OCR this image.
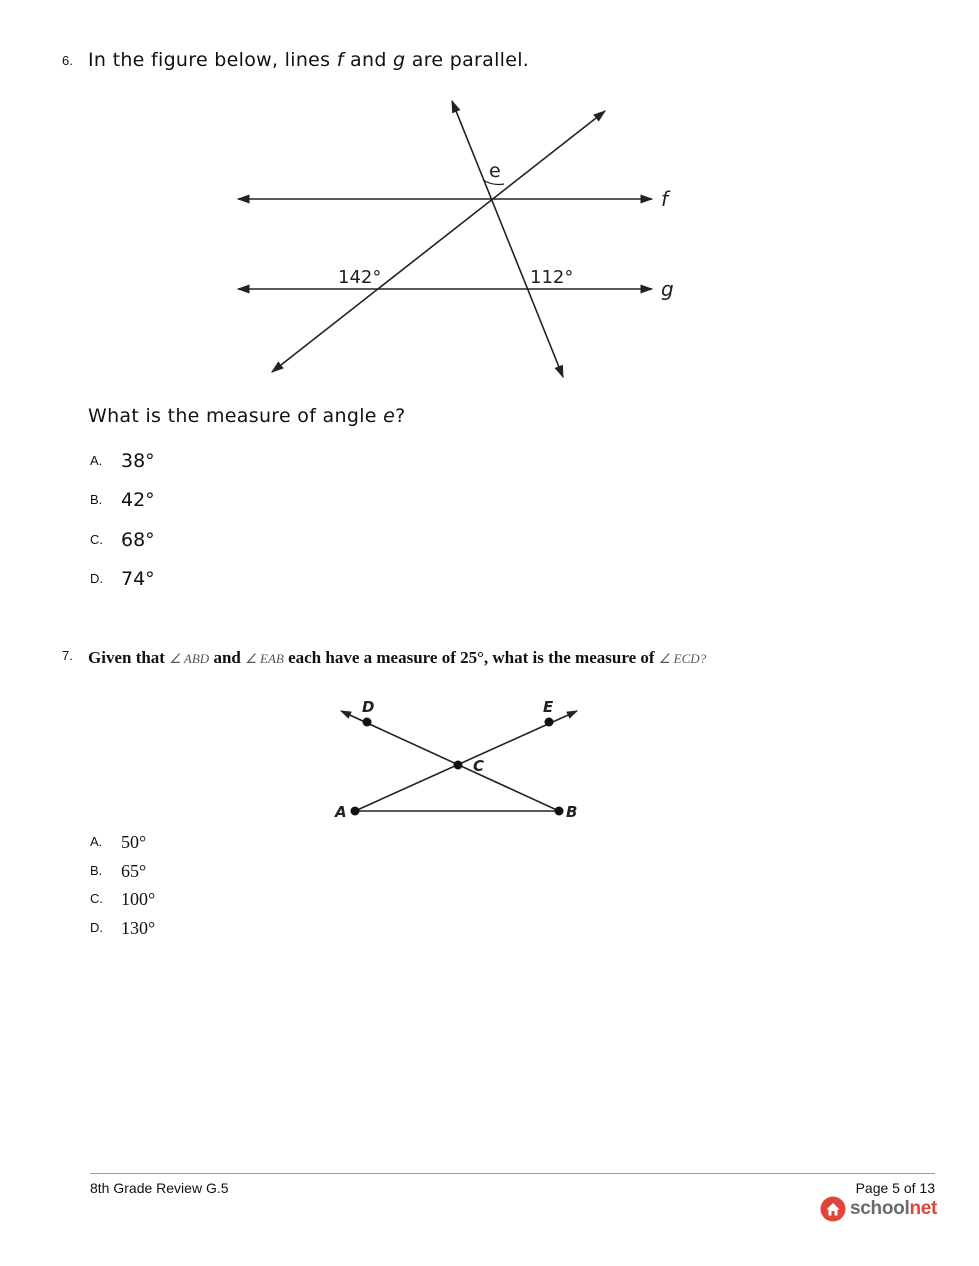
6. In the figure below, lines f and g are parallel.
e
f
g
142°	112°
What is the measure of angle e?
A. 38°
B. 42°
C. 68°
D. 74°
7. Given that ∠ ABD and ∠ EAB each have a measure of 25°, what is the measure of ∠ ECD?
D	E
C
A	B
A. 50°
B. 65°
C. 100°
D. 130°
8th Grade Review G.5	Page 5 of 13
schoolnet
